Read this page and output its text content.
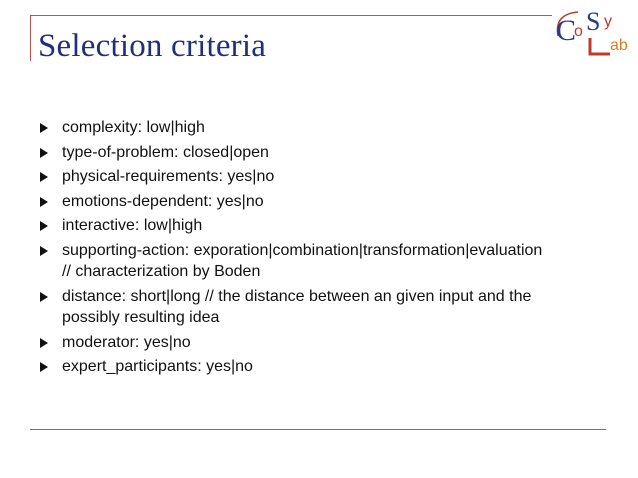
Selection criteria	C
o S y
ab
complexity: low|high
type-of-problem: closed|open
physical-requirements: yes|no
emotions-dependent: yes|no
interactive: low|high
supporting-action: exporation|combination|transformation|evaluation
// characterization by Boden
distance: short|long // the distance between an given input and the
possibly resulting idea
moderator: yes|no
expert_participants: yes|no
